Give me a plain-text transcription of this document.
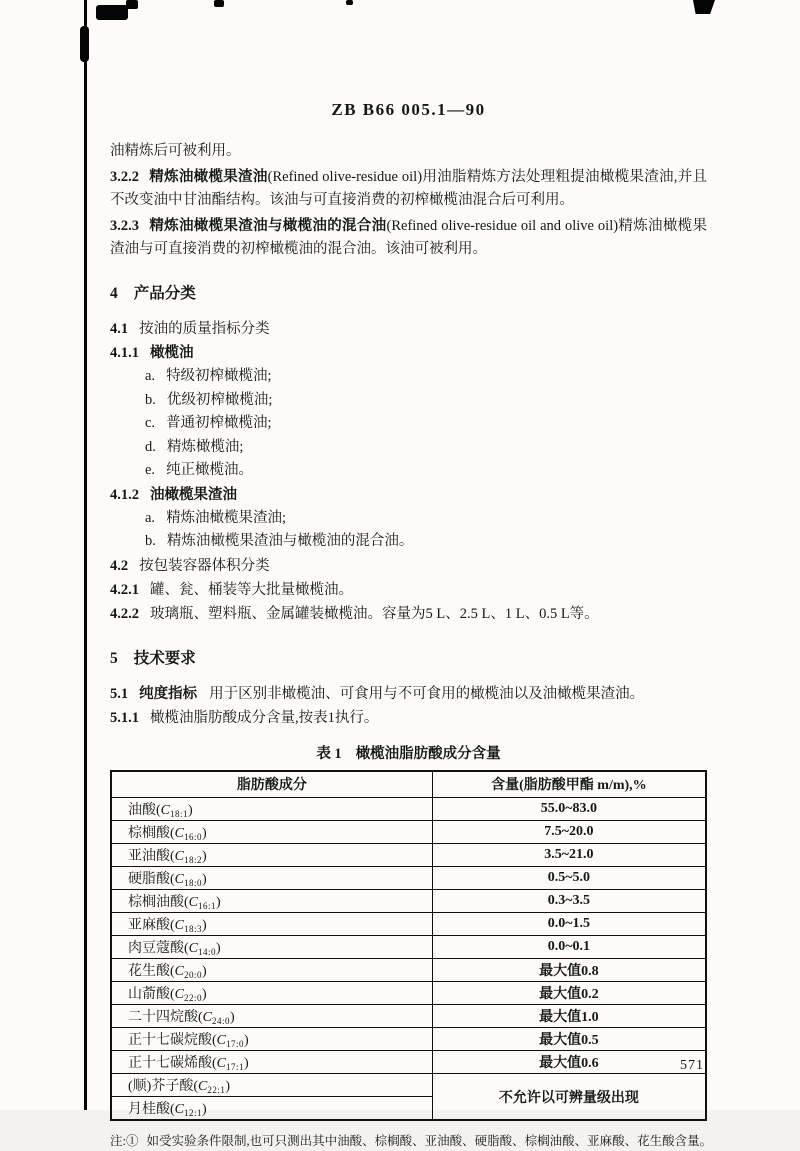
ZB B66 005.1—90

油精炼后可被利用。

3.2.2 精炼油橄榄果渣油(Refined olive-residue oil)用油脂精炼方法处理粗提油橄榄果渣油,并且不改变油中甘油酯结构。该油与可直接消费的初榨橄榄油混合后可利用。

3.2.3 精炼油橄榄果渣油与橄榄油的混合油(Refined olive-residue oil and olive oil)精炼油橄榄果渣油与可直接消费的初榨橄榄油的混合油。该油可被利用。

4 产品分类
4.1 按油的质量指标分类
4.1.1 橄榄油
a. 特级初榨橄榄油;
b. 优级初榨橄榄油;
c. 普通初榨橄榄油;
d. 精炼橄榄油;
e. 纯正橄榄油。
4.1.2 油橄榄果渣油
a. 精炼油橄榄果渣油;
b. 精炼油橄榄果渣油与橄榄油的混合油。
4.2 按包装容器体积分类
4.2.1 罐、瓮、桶装等大批量橄榄油。
4.2.2 玻璃瓶、塑料瓶、金属罐装橄榄油。容量为5 L、2.5 L、1 L、0.5 L等。
5 技术要求
5.1 纯度指标 用于区别非橄榄油、可食用与不可食用的橄榄油以及油橄榄果渣油。
5.1.1 橄榄油脂肪酸成分含量,按表1执行。
表 1 橄榄油脂肪酸成分含量
脂肪酸成分	含量(脂肪酸甲酯 m/m),%
油酸$(C_{18:1})$	55.0~83.0
棕榈酸$(C_{16:0})$	7.5~20.0
亚油酸$(C_{18:2})$	3.5~21.0
硬脂酸$(C_{18:0})$	0.5~5.0
棕榈油酸$(C_{16:1})$	0.3~3.5
亚麻酸$(C_{18:3})$	0.0~1.5
肉豆蔻酸$(C_{14:0})$	0.0~0.1
花生酸$(C_{20:0})$	最大值0.8
山萮酸$(C_{22:0})$	最大值0.2
二十四烷酸$(C_{24:0})$	最大值1.0
正十七碳烷酸$(C_{17:0})$	最大值0.5
正十七碳烯酸$(C_{17:1})$	最大值0.6
(顺)芥子酸$(C_{22:1})$	不允许以可辨量级出现
月桂酸$(C_{12:1})$	
注:① 如受实验条件限制,也可只测出其中油酸、棕榈酸、亚油酸、硬脂酸、棕榈油酸、亚麻酸、花生酸含量。
571
